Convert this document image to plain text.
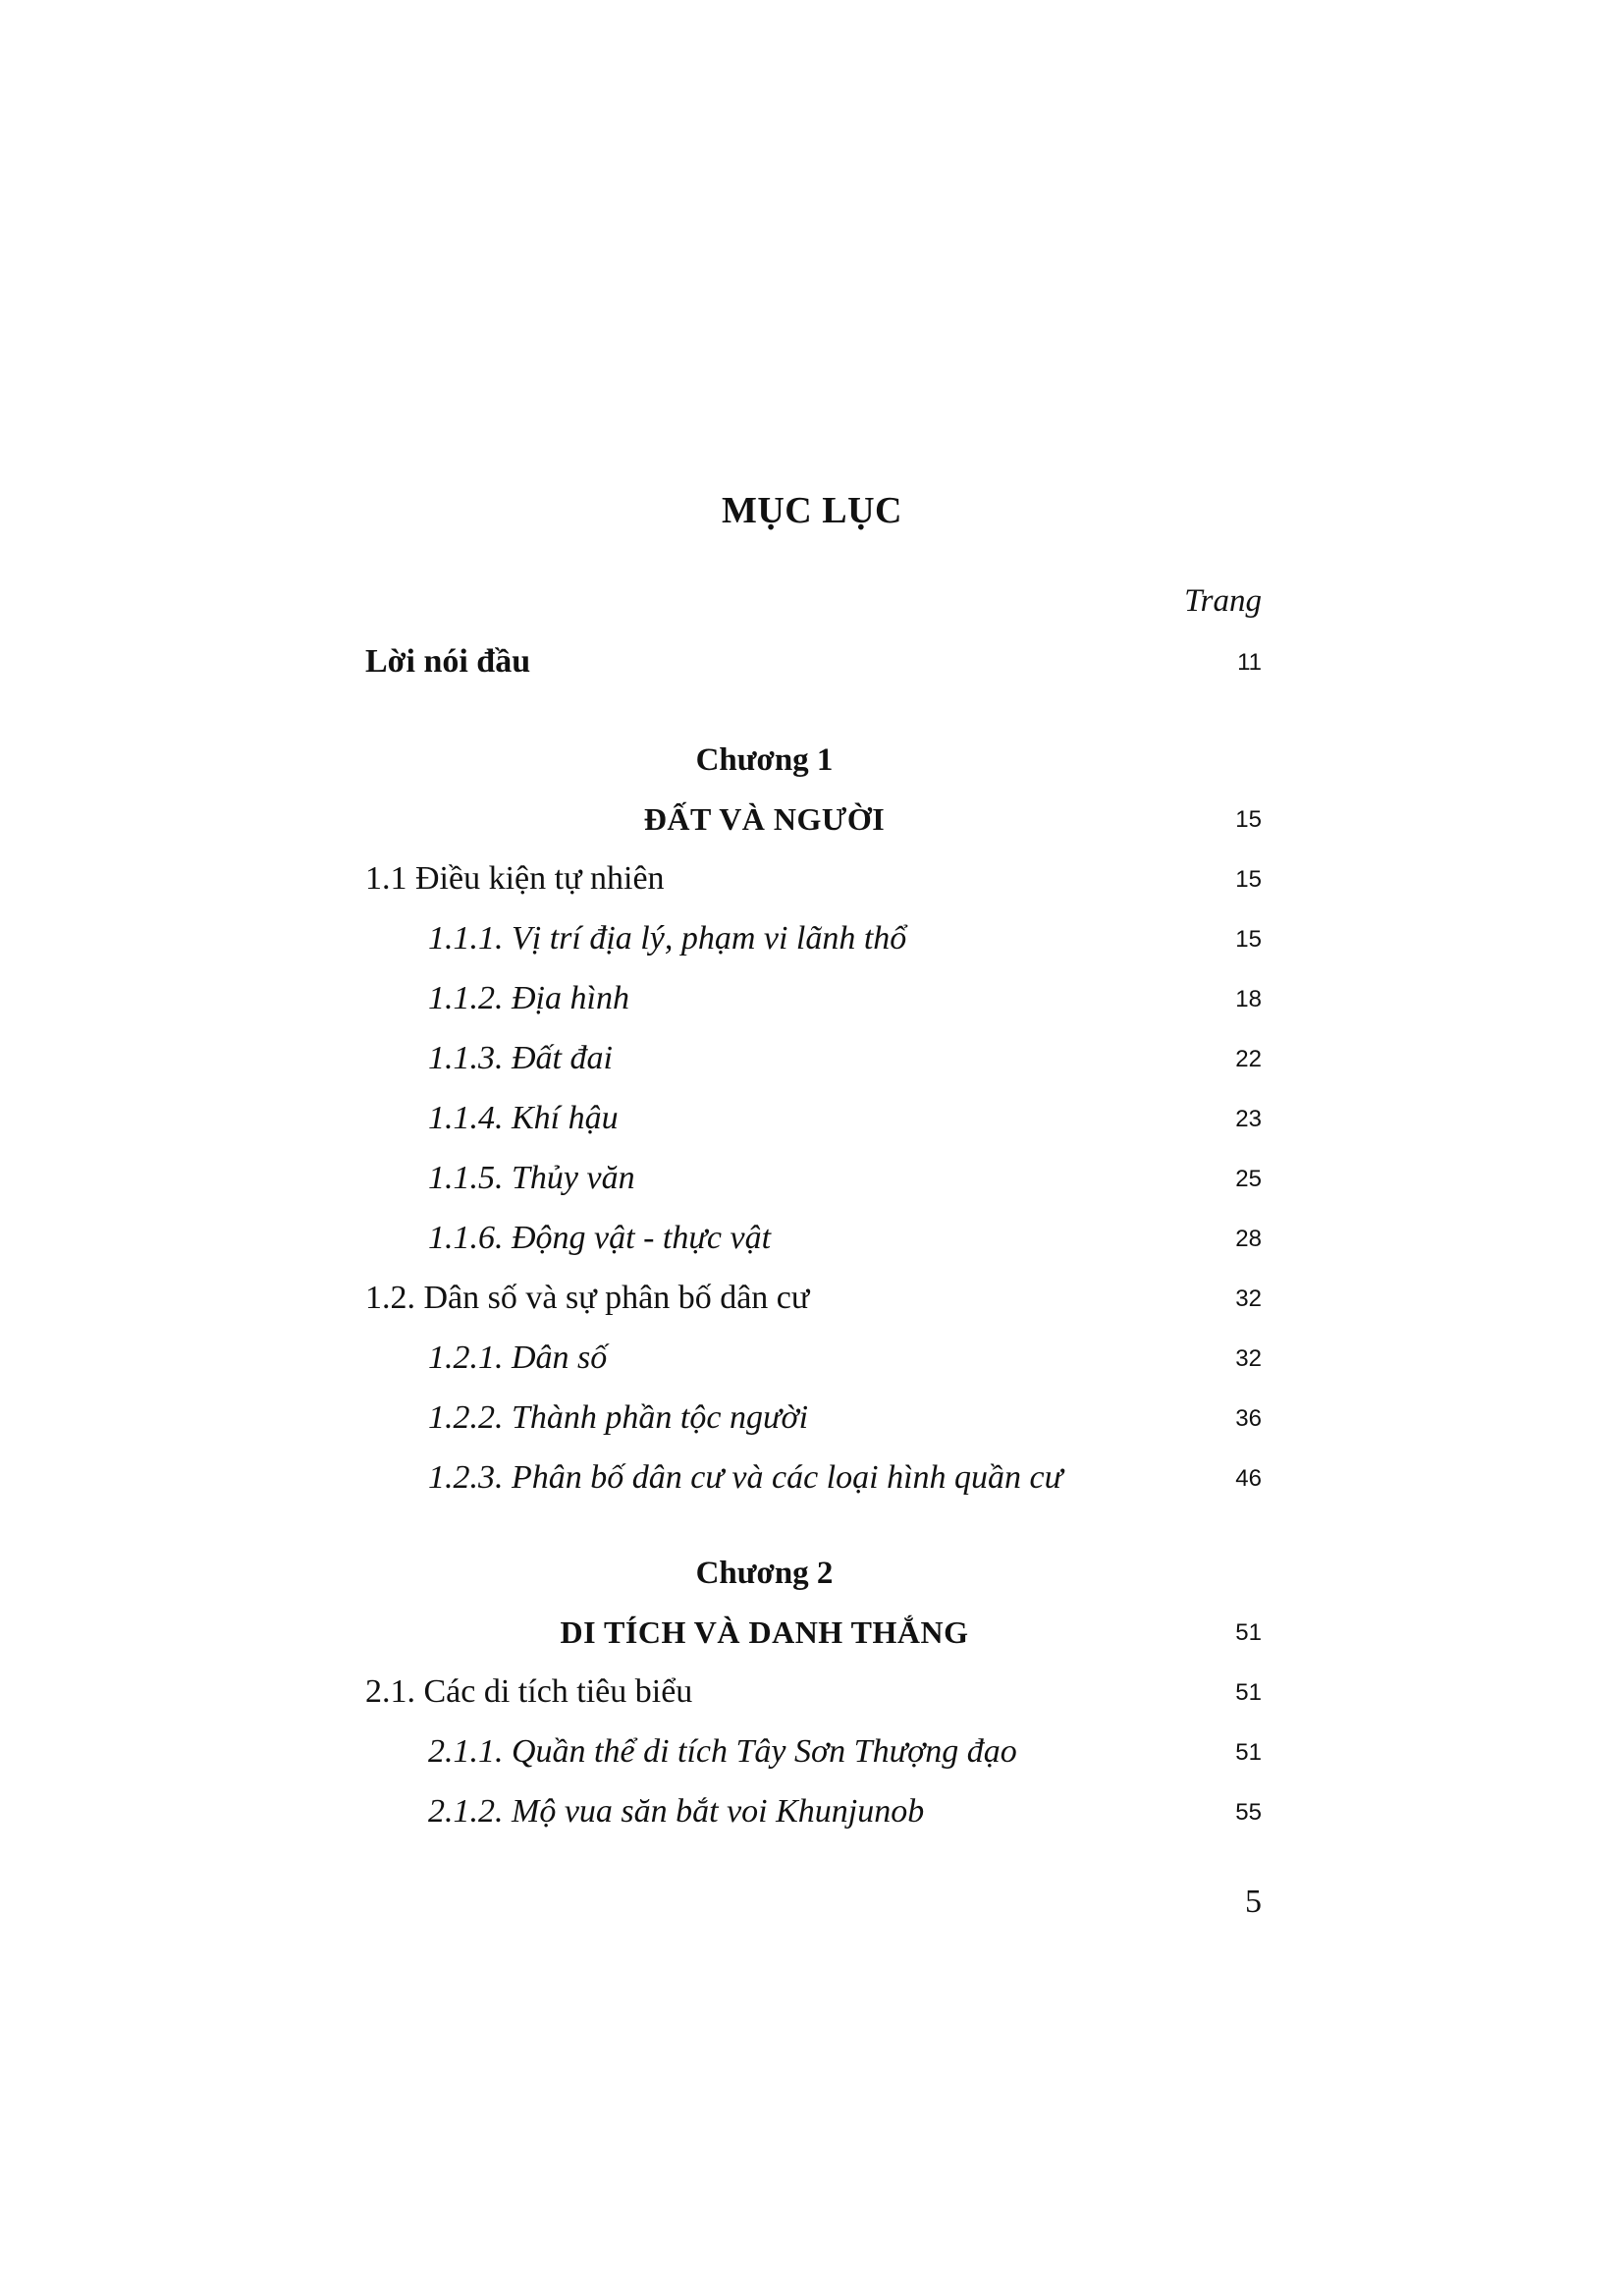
MỤC LỤC
Trang
Lời nói đầu	11
Chương 1
ĐẤT VÀ NGƯỜI	15
1.1 Điều kiện tự nhiên	15
1.1.1. Vị trí địa lý, phạm vi lãnh thổ	15
1.1.2. Địa hình	18
1.1.3. Đất đai	22
1.1.4. Khí hậu	23
1.1.5. Thủy văn	25
1.1.6. Động vật - thực vật	28
1.2. Dân số và sự phân bố dân cư	32
1.2.1. Dân số	32
1.2.2. Thành phần tộc người	36
1.2.3. Phân bố dân cư và các loại hình quần cư	46
Chương 2
DI TÍCH VÀ DANH THẮNG	51
2.1. Các di tích tiêu biểu	51
2.1.1. Quần thể di tích Tây Sơn Thượng đạo	51
2.1.2. Mộ vua săn bắt voi Khunjunob	55
5
